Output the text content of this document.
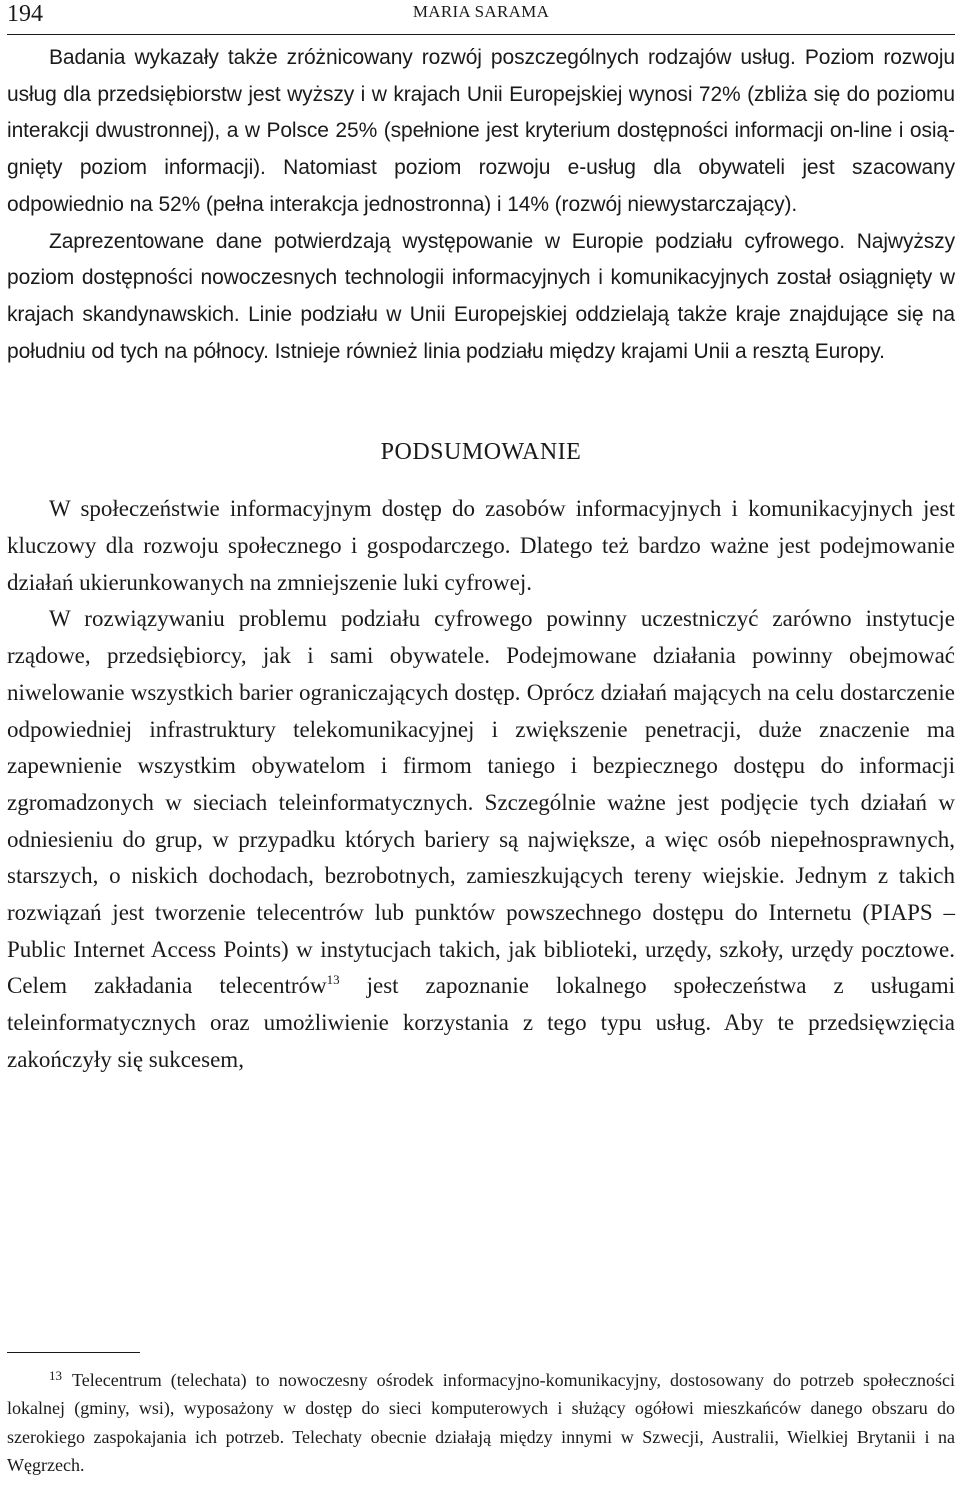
194	MARIA SARAMA

Badania wykazały także zróżnicowany rozwój poszczególnych rodzajów usług. Poziom rozwoju usług dla przedsiębiorstw jest wyższy i w krajach Unii Europejskiej wynosi 72% (zbliża się do poziomu interakcji dwustronnej), a w Polsce 25% (spełnione jest kryterium dostępności informacji on-line i osiągnięty poziom informacji). Natomiast poziom rozwoju e-usług dla obywateli jest szacowany odpowiednio na 52% (pełna interakcja jednostronna) i 14% (rozwój niewystarczający).

Zaprezentowane dane potwierdzają występowanie w Europie podziału cyfrowego. Najwyższy poziom dostępności nowoczesnych technologii informacyjnych i komunikacyjnych został osiągnięty w krajach skandynawskich. Linie podziału w Unii Europejskiej oddzielają także kraje znajdujące się na południu od tych na północy. Istnieje również linia podziału między krajami Unii a resztą Europy.

PODSUMOWANIE

W społeczeństwie informacyjnym dostęp do zasobów informacyjnych i komunikacyjnych jest kluczowy dla rozwoju społecznego i gospodarczego. Dlatego też bardzo ważne jest podejmowanie działań ukierunkowanych na zmniejszenie luki cyfrowej.

W rozwiązywaniu problemu podziału cyfrowego powinny uczestniczyć zarówno instytucje rządowe, przedsiębiorcy, jak i sami obywatele. Podejmowane działania powinny obejmować niwelowanie wszystkich barier ograniczających dostęp. Oprócz działań mających na celu dostarczenie odpowiedniej infrastruktury telekomunikacyjnej i zwiększenie penetracji, duże znaczenie ma zapewnienie wszystkim obywatelom i firmom taniego i bezpiecznego dostępu do informacji zgromadzonych w sieciach teleinformatycznych. Szczególnie ważne jest podjęcie tych działań w odniesieniu do grup, w przypadku których bariery są największe, a więc osób niepełnosprawnych, starszych, o niskich dochodach, bezrobotnych, zamieszkujących tereny wiejskie. Jednym z takich rozwiązań jest tworzenie telecentrów lub punktów powszechnego dostępu do Internetu (PIAPS – Public Internet Access Points) w instytucjach takich, jak biblioteki, urzędy, szkoły, urzędy pocztowe. Celem zakładania telecentrów$^{13}$ jest zapoznanie lokalnego społeczeństwa z usługami teleinformatycznych oraz umożliwienie korzystania z tego typu usług. Aby te przedsięwzięcia zakończyły się sukcesem,

$^{13}$ Telecentrum (telechata) to nowoczesny ośrodek informacyjno-komunikacyjny, dostosowany do potrzeb społeczności lokalnej (gminy, wsi), wyposażony w dostęp do sieci komputerowych i służący ogółowi mieszkańców danego obszaru do szerokiego zaspokajania ich potrzeb. Telechaty obecnie działają między innymi w Szwecji, Australii, Wielkiej Brytanii i na Węgrzech.
